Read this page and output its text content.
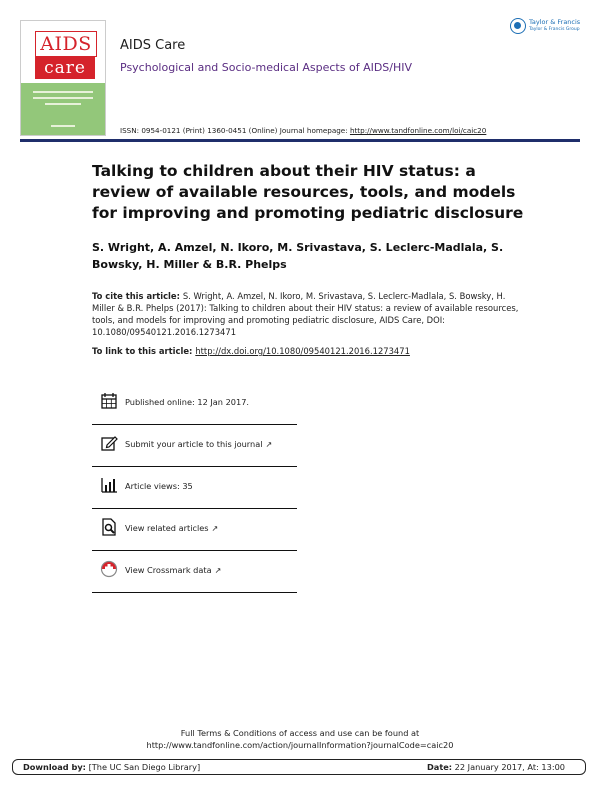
AIDS
care
AIDS Care
Psychological and Socio-medical Aspects of AIDS/HIV
ISSN: 0954-0121 (Print) 1360-0451 (Online) Journal homepage: http://www.tandfonline.com/loi/caic20
Taylor & Francis
Taylor & Francis Group
Talking to children about their HIV status: a review of available resources, tools, and models for improving and promoting pediatric disclosure
S. Wright, A. Amzel, N. Ikoro, M. Srivastava, S. Leclerc-Madlala, S. Bowsky, H. Miller & B.R. Phelps
To cite this article: S. Wright, A. Amzel, N. Ikoro, M. Srivastava, S. Leclerc-Madlala, S. Bowsky, H. Miller & B.R. Phelps (2017): Talking to children about their HIV status: a review of available resources, tools, and models for improving and promoting pediatric disclosure, AIDS Care, DOI: 10.1080/09540121.2016.1273471
To link to this article: http://dx.doi.org/10.1080/09540121.2016.1273471
Published online: 12 Jan 2017.
Submit your article to this journal ↗
Article views: 35
View related articles ↗
View Crossmark data ↗
Full Terms & Conditions of access and use can be found at
http://www.tandfonline.com/action/journalInformation?journalCode=caic20
Download by: [The UC San Diego Library]	Date: 22 January 2017, At: 13:00
